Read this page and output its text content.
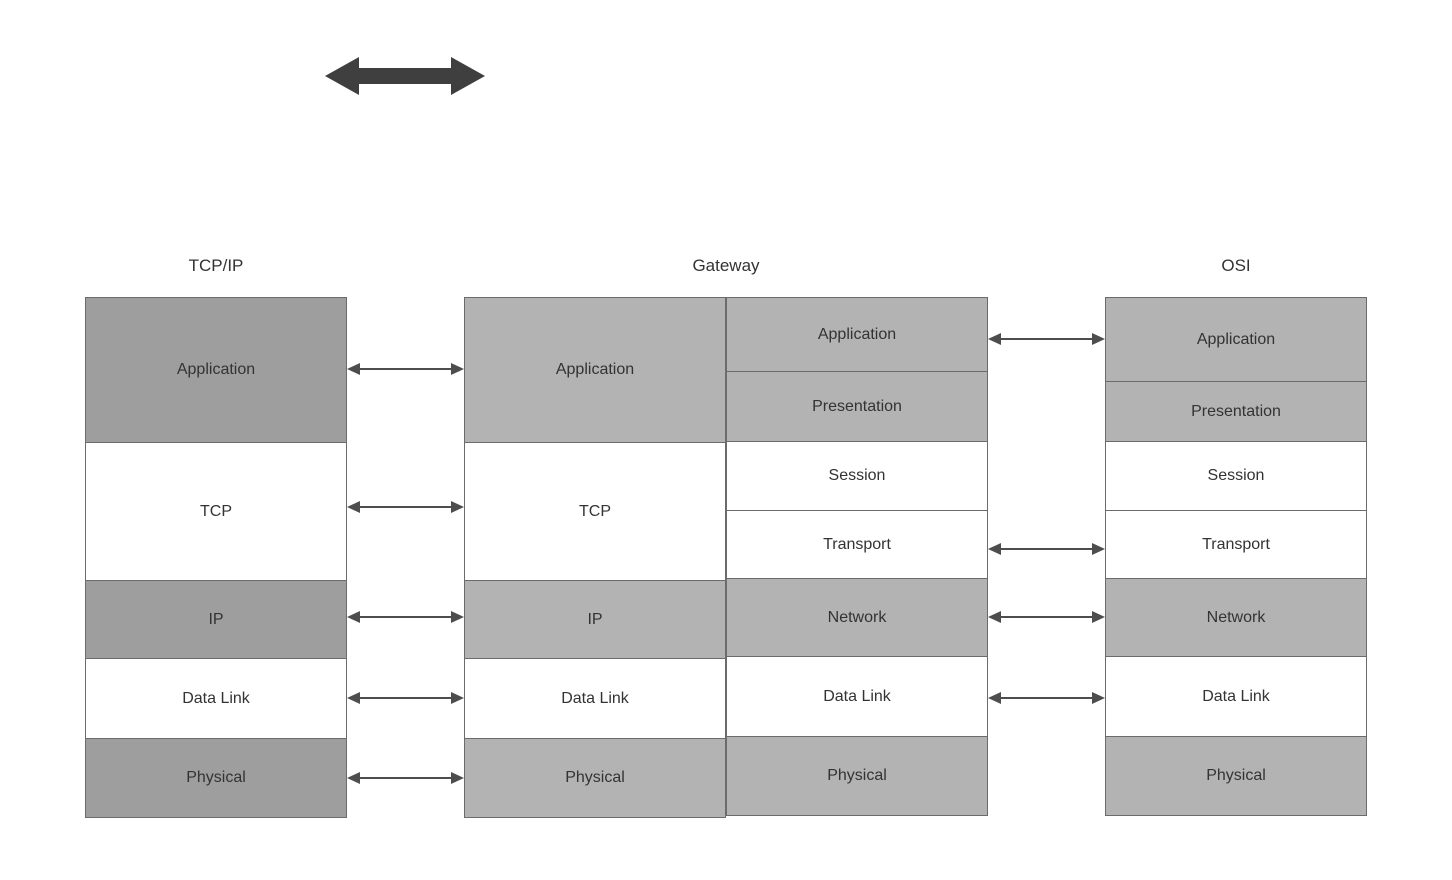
TCP/IP	Gateway	OSI
Application
TCP
IP
Data Link
Physical
Application
TCP
IP
Data Link
Physical
Application
Presentation
Session
Transport
Network
Data Link
Physical
Application
Presentation
Session
Transport
Network
Data Link
Physical
